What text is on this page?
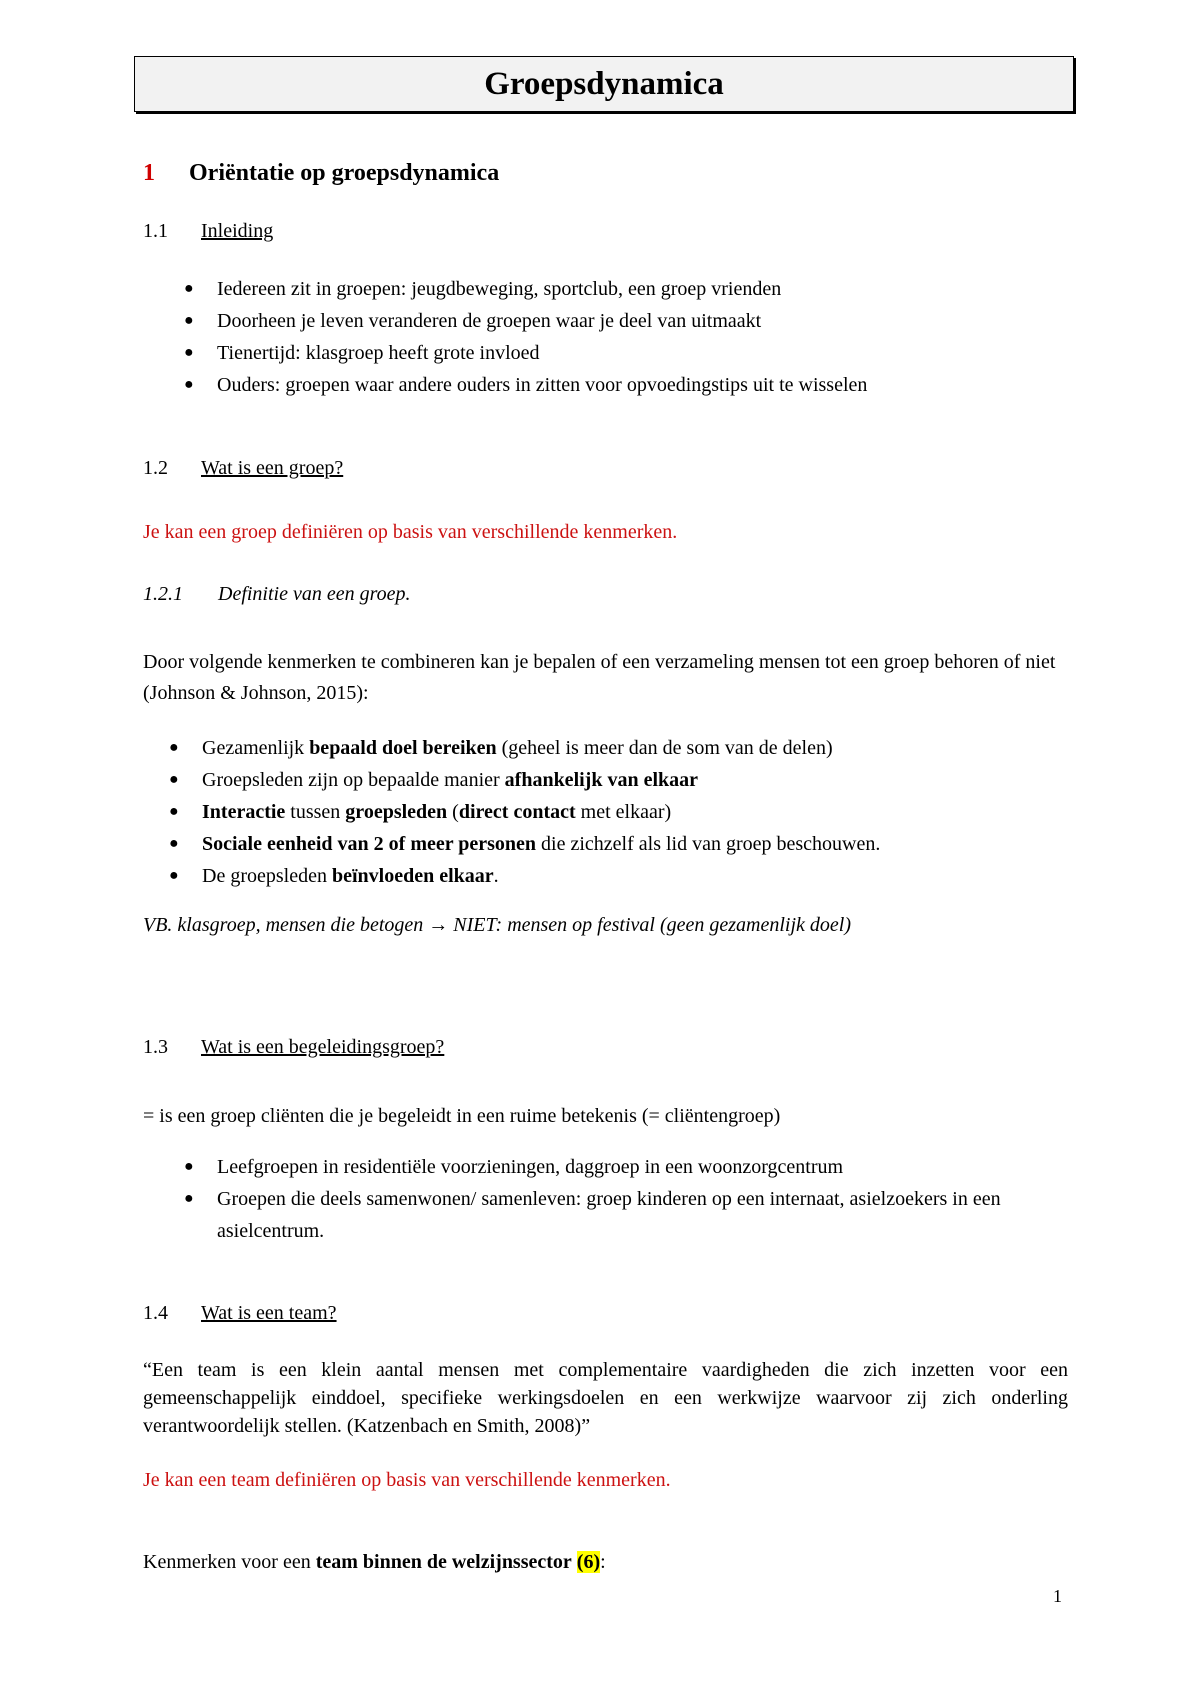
Groepsdynamica
1 Oriëntatie op groepsdynamica
1.1 Inleiding
● Iedereen zit in groepen: jeugdbeweging, sportclub, een groep vrienden
● Doorheen je leven veranderen de groepen waar je deel van uitmaakt
● Tienertijd: klasgroep heeft grote invloed
● Ouders: groepen waar andere ouders in zitten voor opvoedingstips uit te wisselen
1.2 Wat is een groep?
Je kan een groep definiëren op basis van verschillende kenmerken.
1.2.1 Definitie van een groep.
Door volgende kenmerken te combineren kan je bepalen of een verzameling mensen tot een groep behoren of niet (Johnson & Johnson, 2015):
● Gezamenlijk bepaald doel bereiken (geheel is meer dan de som van de delen)
● Groepsleden zijn op bepaalde manier afhankelijk van elkaar
● Interactie tussen groepsleden (direct contact met elkaar)
● Sociale eenheid van 2 of meer personen die zichzelf als lid van groep beschouwen.
● De groepsleden beïnvloeden elkaar.
VB. klasgroep, mensen die betogen → NIET: mensen op festival (geen gezamenlijk doel)
1.3 Wat is een begeleidingsgroep?
= is een groep cliënten die je begeleidt in een ruime betekenis (= cliëntengroep)
● Leefgroepen in residentiële voorzieningen, daggroep in een woonzorgcentrum
● Groepen die deels samenwonen/ samenleven: groep kinderen op een internaat, asielzoekers in een asielcentrum.
1.4 Wat is een team?
“Een team is een klein aantal mensen met complementaire vaardigheden die zich inzetten voor een gemeenschappelijk einddoel, specifieke werkingsdoelen en een werkwijze waarvoor zij zich onderling verantwoordelijk stellen. (Katzenbach en Smith, 2008)”
Je kan een team definiëren op basis van verschillende kenmerken.
Kenmerken voor een team binnen de welzijnssector (6):
1
